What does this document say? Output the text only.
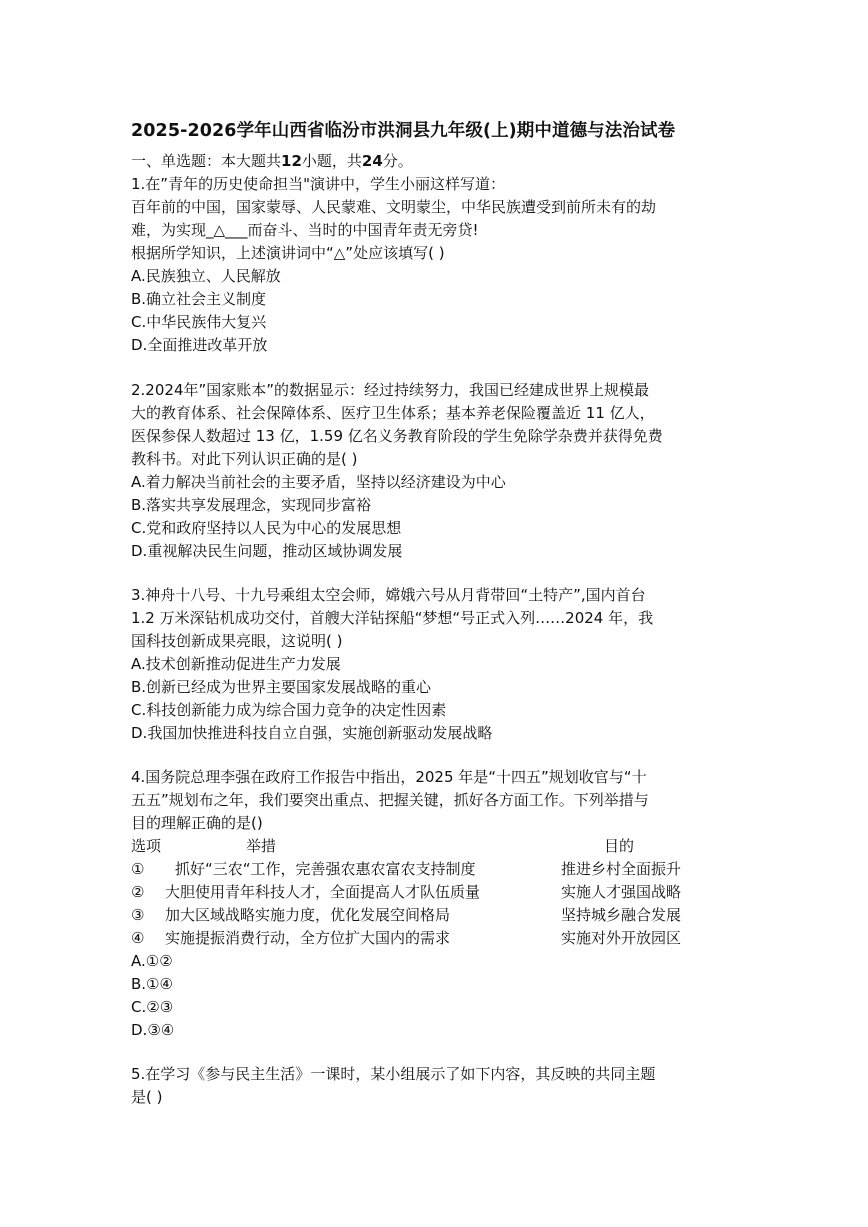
2025-2026学年山西省临汾市洪洞县九年级(上)期中道德与法治试卷
一、单选题：本大题共12小题，共24分。
1.在”青年的历史使命担当"演讲中，学生小丽这样写道：
百年前的中国，国家蒙辱、人民蒙难、文明蒙尘，中华民族遭受到前所未有的劫
难，为实现_△___而奋斗、当时的中国青年责无旁贷!
根据所学知识，上述演讲词中“△”处应该填写( )
A.民族独立、人民解放
B.确立社会主义制度
C.中华民族伟大复兴
D.全面推进改革开放
2.2024年”国家账本”的数据显示：经过持续努力，我国已经建成世界上规模最
大的教育体系、社会保障体系、医疗卫生体系；基本养老保险覆盖近 11 亿人，
医保参保人数超过 13 亿，1.59 亿名义务教育阶段的学生免除学杂费并获得免费
教科书。对此下列认识正确的是( )
A.着力解决当前社会的主要矛盾，坚持以经济建设为中心
B.落实共享发展理念，实现同步富裕
C.党和政府坚持以人民为中心的发展思想
D.重视解决民生问题，推动区域协调发展
3.神舟十八号、十九号乘组太空会师，嫦娥六号从月背带回“土特产”,国内首台
1.2 万米深钻机成功交付，首艘大洋钻探船“梦想“号正式入列……2024 年，我
国科技创新成果亮眼，这说明( )
A.技术创新推动促进生产力发展
B.创新已经成为世界主要国家发展战略的重心
C.科技创新能力成为综合国力竞争的决定性因素
D.我国加快推进科技自立自强，实施创新驱动发展战略
4.国务院总理李强在政府工作报告中指出，2025 年是“十四五”规划收官与“十
五五”规划布之年，我们要突出重点、把握关键，抓好各方面工作。下列举措与
目的理解正确的是()
选项	举措	目的
① 抓好“三农“工作，完善强农惠农富农支持制度	推进乡村全面振升
② 大胆使用青年科技人才，全面提高人才队伍质量	实施人才强国战略
③ 加大区域战略实施力度，优化发展空间格局	坚持城乡融合发展
④ 实施提振消费行动，全方位扩大国内的需求	实施对外开放园区
A.①②
B.①④
C.②③
D.③④
5.在学习《参与民主生活》一课时，某小组展示了如下内容，其反映的共同主题
是( )
